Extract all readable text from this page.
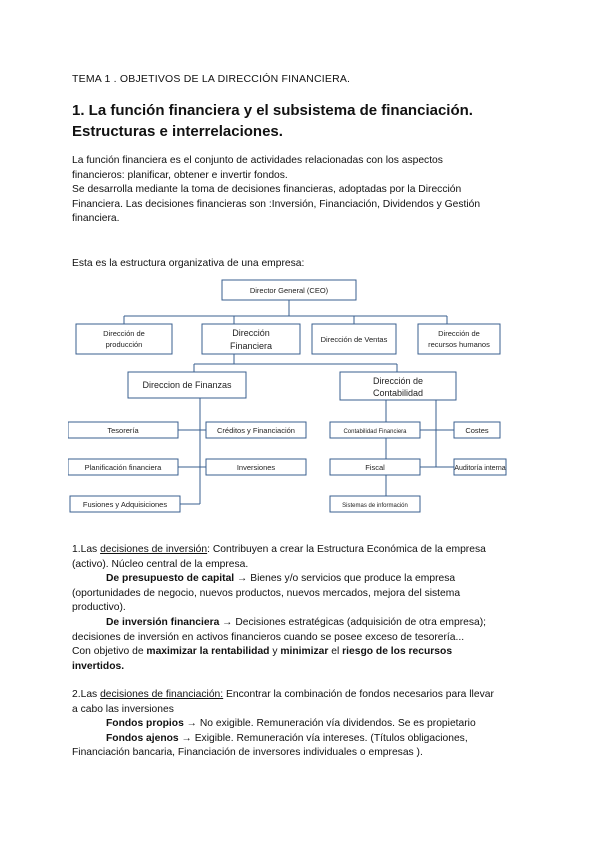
TEMA 1 . OBJETIVOS DE LA DIRECCIÓN FINANCIERA.
1. La función financiera y el subsistema de financiación.
Estructuras e interrelaciones.
La función financiera es el conjunto de actividades relacionadas con los aspectos
financieros: planificar, obtener e invertir fondos.
Se desarrolla mediante la toma de decisiones financieras, adoptadas por la Dirección
Financiera. Las decisiones financieras son :Inversión, Financiación, Dividendos y Gestión
financiera.
Esta es la estructura organizativa de una empresa:
Director General (CEO)
Dirección de
producción
Dirección
Financiera
Dirección de Ventas
Dirección de
recursos humanos
Direccion de Finanzas	Dirección de
Contabilidad
Tesorería	Créditos y Financiación
Planificación financiera	Inversiones
Fusiones y Adquisiciones
Contabilidad Financiera	Costes
Fiscal	Auditoría interna
Sistemas de información
1.Las decisiones de inversión: Contribuyen a crear la Estructura Económica de la empresa
(activo). Núcleo central de la empresa.
De presupuesto de capital → Bienes y/o servicios que produce la empresa
(oportunidades de negocio, nuevos productos, nuevos mercados, mejora del sistema
productivo).
De inversión financiera → Decisiones estratégicas (adquisición de otra empresa);
decisiones de inversión en activos financieros cuando se posee exceso de tesorería...
Con objetivo de maximizar la rentabilidad y minimizar el riesgo de los recursos
invertidos.
2.Las decisiones de financiación: Encontrar la combinación de fondos necesarios para llevar
a cabo las inversiones
Fondos propios → No exigible. Remuneración vía dividendos. Se es propietario
Fondos ajenos → Exigible. Remuneración vía intereses. (Títulos obligaciones,
Financiación bancaria, Financiación de inversores individuales o empresas ).
